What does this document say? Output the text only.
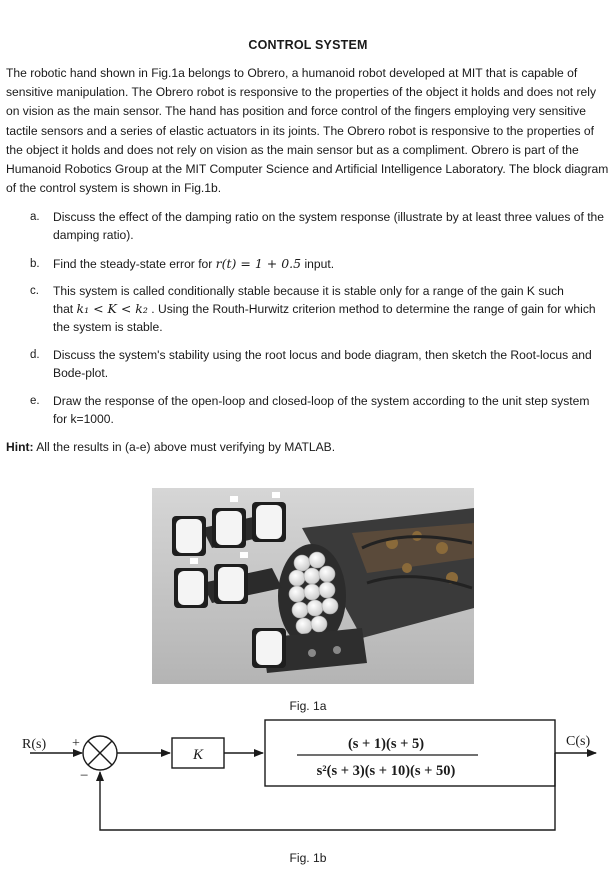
CONTROL SYSTEM

The robotic hand shown in Fig.1a belongs to Obrero, a humanoid robot developed at MIT that is capable of sensitive manipulation. The Obrero robot is responsive to the properties of the object it holds and does not rely on vision as the main sensor. The hand has position and force control of the fingers employing very sensitive tactile sensors and a series of elastic actuators in its joints. The Obrero robot is responsive to the properties of the object it holds and does not rely on vision as the main sensor but as a compliment. Obrero is part of the Humanoid Robotics Group at the MIT Computer Science and Artificial Intelligence Laboratory. The block diagram of the control system is shown in Fig.1b.

a.	Discuss the effect of the damping ratio on the system response (illustrate by at least three values of the damping ratio).
b.	Find the steady-state error for r(t) = 1 + 0.5 input.
c.	This system is called conditionally stable because it is stable only for a range of the gain K such
that k₁ < K < k₂ . Using the Routh-Hurwitz criterion method to determine the range of gain for which the system is stable.
d.	Discuss the system's stability using the root locus and bode diagram, then sketch the Root-locus and Bode-plot.
e.	Draw the response of the open-loop and closed-loop of the system according to the unit step system for k=1000.
Hint: All the results in (a-e) above must verifying by MATLAB.
Fig. 1a
R(s) +
−
K
(s + 1)(s + 5)
s²(s + 3)(s + 10)(s + 50)
C(s)
Fig. 1b
